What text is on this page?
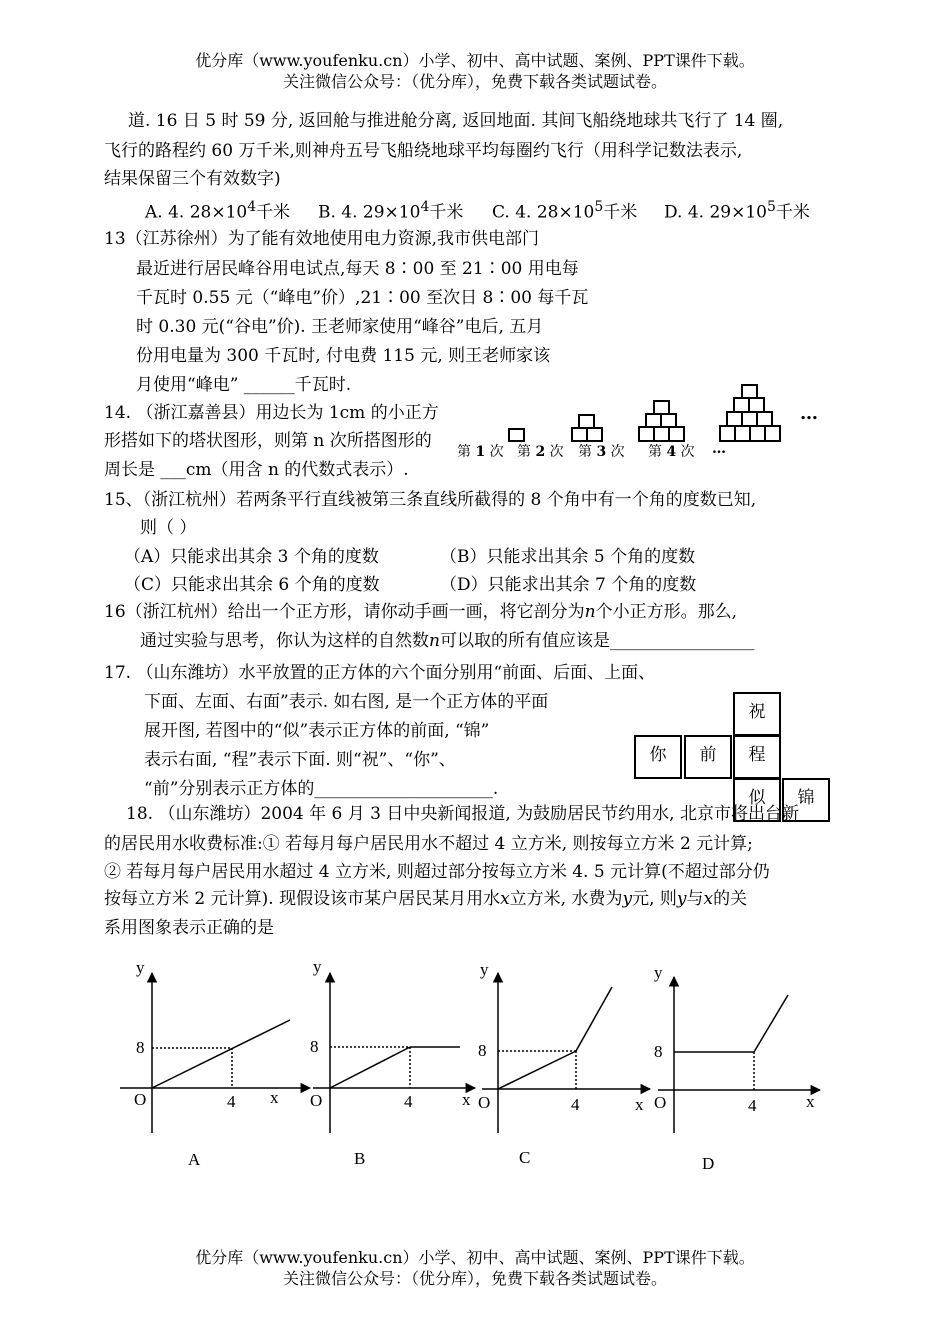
优分库（www.youfenku.cn）小学、初中、高中试题、案例、PPT课件下载。
关注微信公众号：（优分库），免费下载各类试题试卷。
道. 16 日 5 时 59 分, 返回舱与推进舱分离, 返回地面. 其间飞船绕地球共飞行了 14 圈,
飞行的路程约 60 万千米,则神舟五号飞船绕地球平均每圈约飞行（用科学记数法表示,
结果保留三个有效数字)
A. 4. $28\times 10^4$千米 B. 4. $29\times 10^4$千米 C. 4. $28\times 10^5$千米 D. 4. $29\times 10^5$千米
13（江苏徐州）为了能有效地使用电力资源,我市供电部门
最近进行居民峰谷用电试点,每天 8∶00 至 21∶00 用电每
千瓦时 0.55 元（“峰电”价）,21∶00 至次日 8∶00 每千瓦
时 0.30 元(“谷电”价). 王老师家使用“峰谷”电后, 五月
份用电量为 300 千瓦时, 付电费 115 元, 则王老师家该
月使用“峰电” ______千瓦时.
14. （浙江嘉善县）用边长为 1cm 的小正方
形搭如下的塔状图形，则第 n 次所搭图形的
周长是 ___cm（用含 n 的代数式表示）.
…
第 1 次 第 2 次 第 3 次 第 4 次 …
15、（浙江杭州）若两条平行直线被第三条直线所截得的 8 个角中有一个角的度数已知,
则（ ）
（A）只能求出其余 3 个角的度数	（B）只能求出其余 5 个角的度数
（C）只能求出其余 6 个角的度数	（D）只能求出其余 7 个角的度数
16（浙江杭州）给出一个正方形，请你动手画一画，将它剖分为n个小正方形。那么,
通过实验与思考，你认为这样的自然数n可以取的所有值应该是_________________
17. （山东潍坊）水平放置的正方体的六个面分别用“前面、后面、上面、
下面、左面、右面”表示. 如右图, 是一个正方体的平面
展开图, 若图中的“似”表示正方体的前面, “锦”
表示右面, “程”表示下面. 则“祝”、“你”、
“前”分别表示正方体的_____________________.
祝
你	前	程
似	锦
18. （山东潍坊）2004 年 6 月 3 日中央新闻报道, 为鼓励居民节约用水, 北京市将出台新
的居民用水收费标准:① 若每月每户居民用水不超过 4 立方米, 则按每立方米 2 元计算;
② 若每月每户居民用水超过 4 立方米, 则超过部分按每立方米 4. 5 元计算(不超过部分仍
按每立方米 2 元计算). 现假设该市某户居民某月用水x立方米, 水费为y元, 则y与x的关
系用图象表示正确的是
y
8
O	4 x
A
y
8
O	4	x
B
y
8
O	4	x
C
y
8
O	4	x
D
优分库（www.youfenku.cn）小学、初中、高中试题、案例、PPT课件下载。
关注微信公众号：（优分库），免费下载各类试题试卷。
